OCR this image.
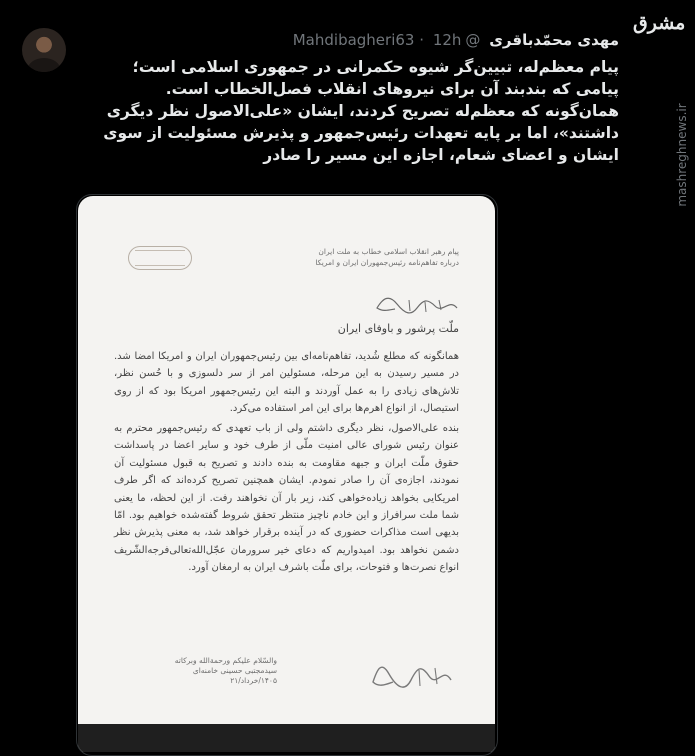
مهدی محمّدباقری @Mahdibagheri63 · 12h
مشرق
mashreghnews.ir

پیام معظم‌له، تبیین‌گر شیوه حکمرانی در جمهوری اسلامی است؛ پیامی که بندبند آن برای نیروهای انقلاب فصل‌الخطاب است.

همان‌گونه که معظم‌له تصریح کردند، ایشان «علی‌الاصول نظر دیگری داشتند»، اما بر پایه تعهدات رئیس‌جمهور و پذیرش مسئولیت از سوی ایشان و اعضای شعام، اجازه این مسیر را صادر

پیام رهبر انقلاب اسلامی خطاب به ملت ایران
درباره تفاهم‌نامه رئیس‌جمهوران ایران و امریکا
ملّت پرشور و باوفای ایران
همانگونه که مطلع شُدید، تفاهم‌نامه‌ای بین رئیس‌جمهوران ایران و امریکا امضا شد. در مسیر رسیدن به این مرحله، مسئولین امر از سر دلسوزی و با حُسن نظر، تلاش‌های زیادی را به عمل آوردند و البته این رئیس‌جمهور امریکا بود که از روی استیصال، از انواع اهرم‌ها برای این امر استفاده می‌کرد.
بنده علی‌الاصول، نظر دیگری داشتم ولی از باب تعهدی که رئیس‌جمهور محترم به عنوان رئیس شورای عالی امنیت ملّی از طرف خود و سایر اعضا در پاسداشت حقوق ملّت ایران و جبهه مقاومت به بنده دادند و تصریح به قبول مسئولیت آن نمودند، اجازه‌ی آن را صادر نمودم. ایشان همچنین تصریح کرده‌اند که اگر طرف امریکایی بخواهد زیاده‌خواهی کند، زیر بار آن نخواهند رفت. از این لحظه، ما یعنی شما ملت سرافراز و این خادم ناچیز منتظر تحقق شروط گفته‌شده خواهیم بود. امّا بدیهی است مذاکرات حضوری که در آینده برقرار خواهد شد، به معنی پذیرش نظر دشمن نخواهد بود. امیدواریم که دعای خیر سرورمان عجّل‌الله‌تعالی‌فرجه‌الشّریف انواع نصرت‌ها و فتوحات، برای ملّت باشرف ایران به ارمغان آورد.
والسّلام علیکم ورحمة‌الله وبرکاته
سیدمجتبی حسینی خامنه‌ای
۱۴۰۵/خرداد/۲۱
